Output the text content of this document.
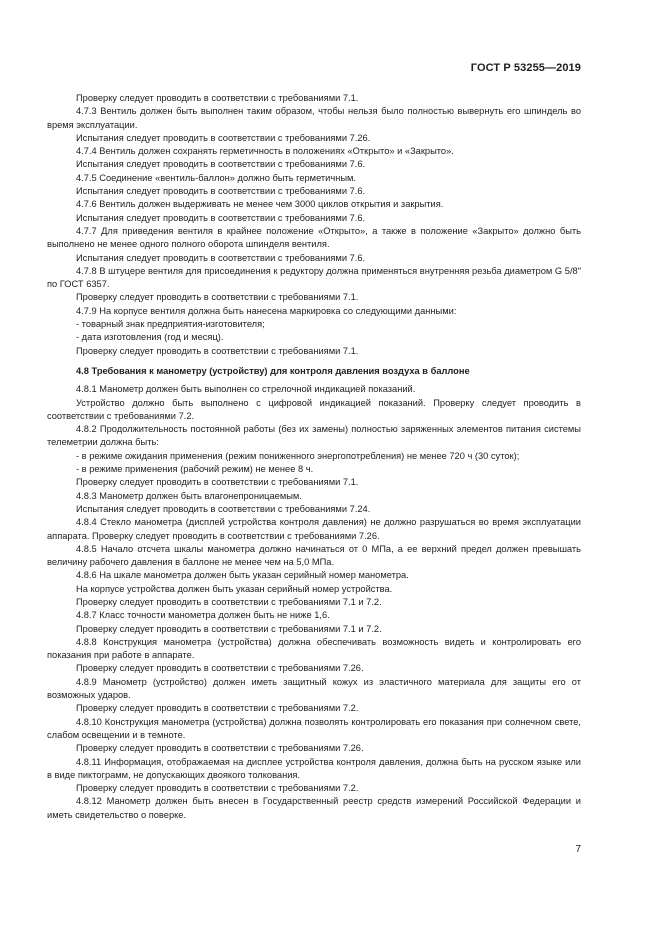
ГОСТ Р 53255—2019

Проверку следует проводить в соответствии с требованиями 7.1.

4.7.3 Вентиль должен быть выполнен таким образом, чтобы нельзя было полностью вывернуть его шпиндель во время эксплуатации.

Испытания следует проводить в соответствии с требованиями 7.26.

4.7.4 Вентиль должен сохранять герметичность в положениях «Открыто» и «Закрыто».

Испытания следует проводить в соответствии с требованиями 7.6.

4.7.5 Соединение «вентиль-баллон» должно быть герметичным.

Испытания следует проводить в соответствии с требованиями 7.6.

4.7.6 Вентиль должен выдерживать не менее чем 3000 циклов открытия и закрытия.

Испытания следует проводить в соответствии с требованиями 7.6.

4.7.7 Для приведения вентиля в крайнее положение «Открыто», а также в положение «Закрыто» должно быть выполнено не менее одного полного оборота шпинделя вентиля.

Испытания следует проводить в соответствии с требованиями 7.6.

4.7.8 В штуцере вентиля для присоединения к редуктору должна применяться внутренняя резьба диаметром G 5/8″ по ГОСТ 6357.

Проверку следует проводить в соответствии с требованиями 7.1.

4.7.9 На корпусе вентиля должна быть нанесена маркировка со следующими данными:

- товарный знак предприятия-изготовителя;

- дата изготовления (год и месяц).

Проверку следует проводить в соответствии с требованиями 7.1.

4.8 Требования к манометру (устройству) для контроля давления воздуха в баллоне

4.8.1 Манометр должен быть выполнен со стрелочной индикацией показаний.

Устройство должно быть выполнено с цифровой индикацией показаний. Проверку следует проводить в соответствии с требованиями 7.2.

4.8.2 Продолжительность постоянной работы (без их замены) полностью заряженных элементов питания системы телеметрии должна быть:

- в режиме ожидания применения (режим пониженного энергопотребления) не менее 720 ч (30 суток);

- в режиме применения (рабочий режим) не менее 8 ч.

Проверку следует проводить в соответствии с требованиями 7.1.

4.8.3 Манометр должен быть влагонепроницаемым.

Испытания следует проводить в соответствии с требованиями 7.24.

4.8.4 Стекло манометра (дисплей устройства контроля давления) не должно разрушаться во время эксплуатации аппарата. Проверку следует проводить в соответствии с требованиями 7.26.

4.8.5 Начало отсчета шкалы манометра должно начинаться от 0 МПа, а ее верхний предел должен превышать величину рабочего давления в баллоне не менее чем на 5,0 МПа.

4.8.6 На шкале манометра должен быть указан серийный номер манометра.

На корпусе устройства должен быть указан серийный номер устройства.

Проверку следует проводить в соответствии с требованиями 7.1 и 7.2.

4.8.7 Класс точности манометра должен быть не ниже 1,6.

Проверку следует проводить в соответствии с требованиями 7.1 и 7.2.

4.8.8 Конструкция манометра (устройства) должна обеспечивать возможность видеть и контролировать его показания при работе в аппарате.

Проверку следует проводить в соответствии с требованиями 7.26.

4.8.9 Манометр (устройство) должен иметь защитный кожух из эластичного материала для защиты его от возможных ударов.

Проверку следует проводить в соответствии с требованиями 7.2.

4.8.10 Конструкция манометра (устройства) должна позволять контролировать его показания при солнечном свете, слабом освещении и в темноте.

Проверку следует проводить в соответствии с требованиями 7.26.

4.8.11 Информация, отображаемая на дисплее устройства контроля давления, должна быть на русском языке или в виде пиктограмм, не допускающих двоякого толкования.

Проверку следует проводить в соответствии с требованиями 7.2.

4.8.12 Манометр должен быть внесен в Государственный реестр средств измерений Российской Федерации и иметь свидетельство о поверке.

7
